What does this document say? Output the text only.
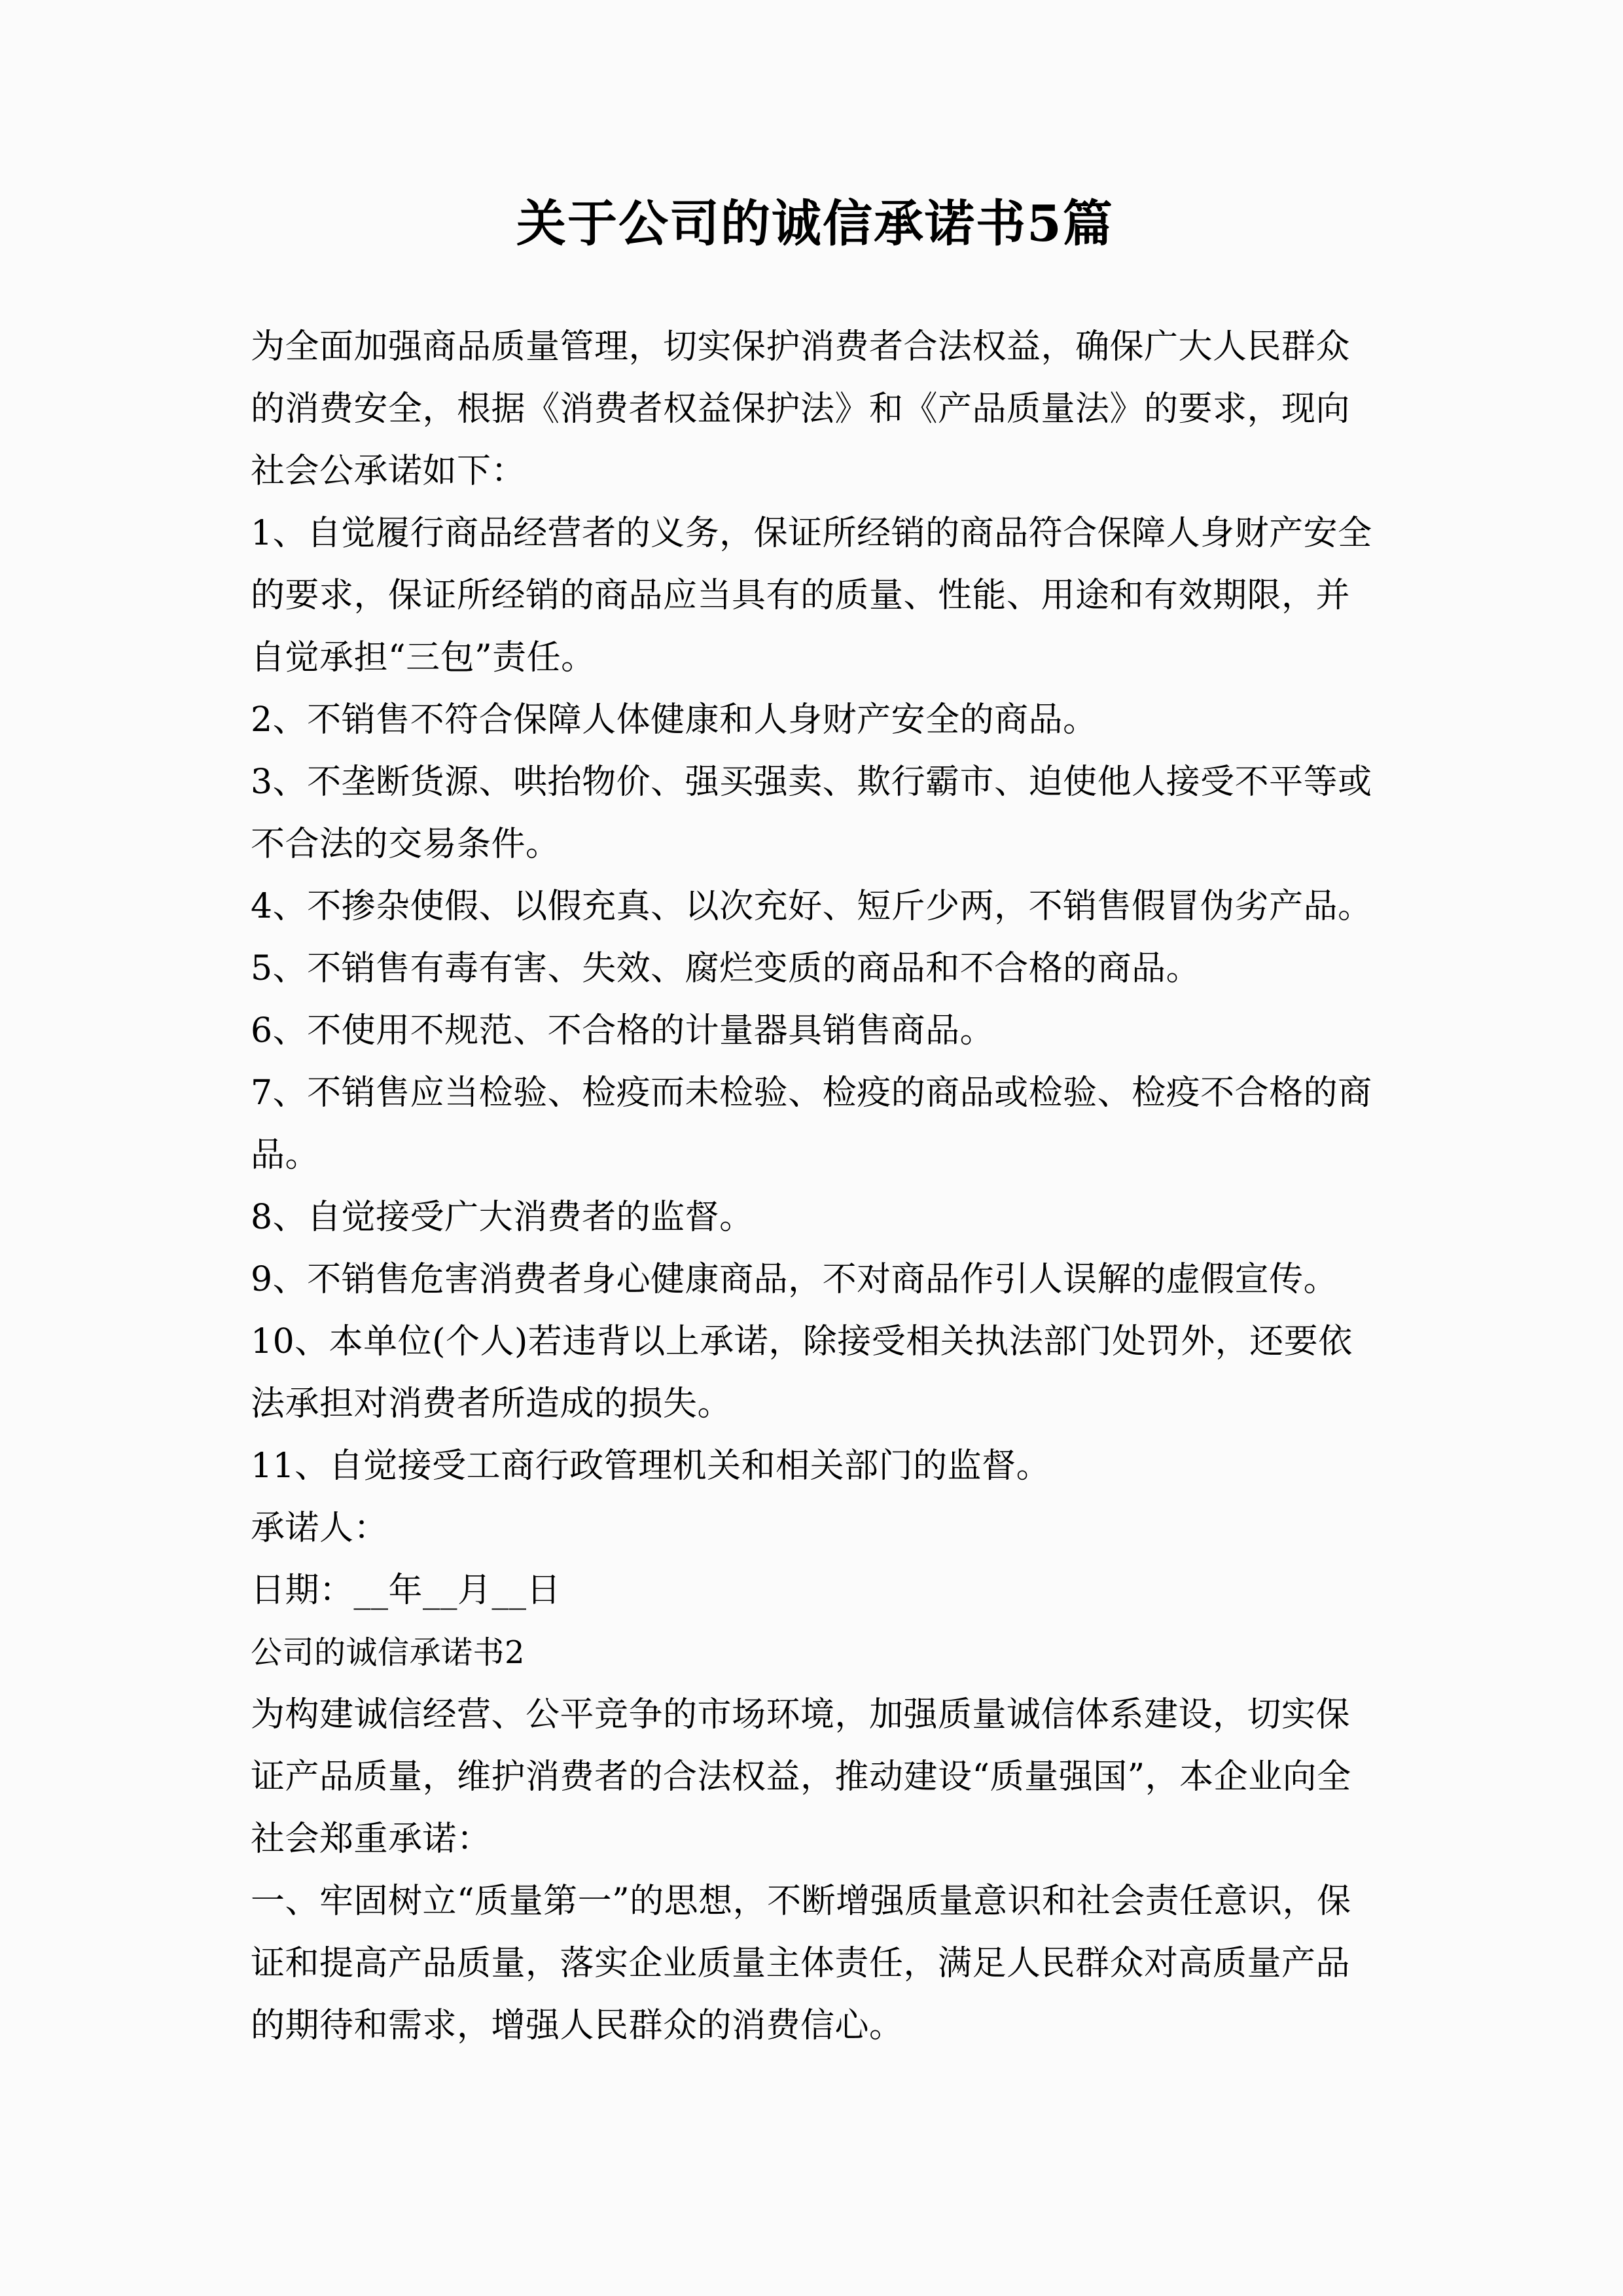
关于公司的诚信承诺书5篇

为全面加强商品质量管理，切实保护消费者合法权益，确保广大人民群众的消费安全，根据《消费者权益保护法》和《产品质量法》的要求，现向社会公承诺如下：

1、自觉履行商品经营者的义务，保证所经销的商品符合保障人身财产安全的要求，保证所经销的商品应当具有的质量、性能、用途和有效期限，并自觉承担“三包”责任。

2、不销售不符合保障人体健康和人身财产安全的商品。

3、不垄断货源、哄抬物价、强买强卖、欺行霸市、迫使他人接受不平等或不合法的交易条件。

4、不掺杂使假、以假充真、以次充好、短斤少两，不销售假冒伪劣产品。

5、不销售有毒有害、失效、腐烂变质的商品和不合格的商品。

6、不使用不规范、不合格的计量器具销售商品。

7、不销售应当检验、检疫而未检验、检疫的商品或检验、检疫不合格的商品。

8、自觉接受广大消费者的监督。

9、不销售危害消费者身心健康商品，不对商品作引人误解的虚假宣传。

10、本单位(个人)若违背以上承诺，除接受相关执法部门处罚外，还要依法承担对消费者所造成的损失。

11、自觉接受工商行政管理机关和相关部门的监督。

承诺人：

日期：__年__月__日

公司的诚信承诺书2

为构建诚信经营、公平竞争的市场环境，加强质量诚信体系建设，切实保证产品质量，维护消费者的合法权益，推动建设“质量强国”，本企业向全社会郑重承诺：

一、牢固树立“质量第一”的思想，不断增强质量意识和社会责任意识，保证和提高产品质量，落实企业质量主体责任，满足人民群众对高质量产品的期待和需求，增强人民群众的消费信心。
